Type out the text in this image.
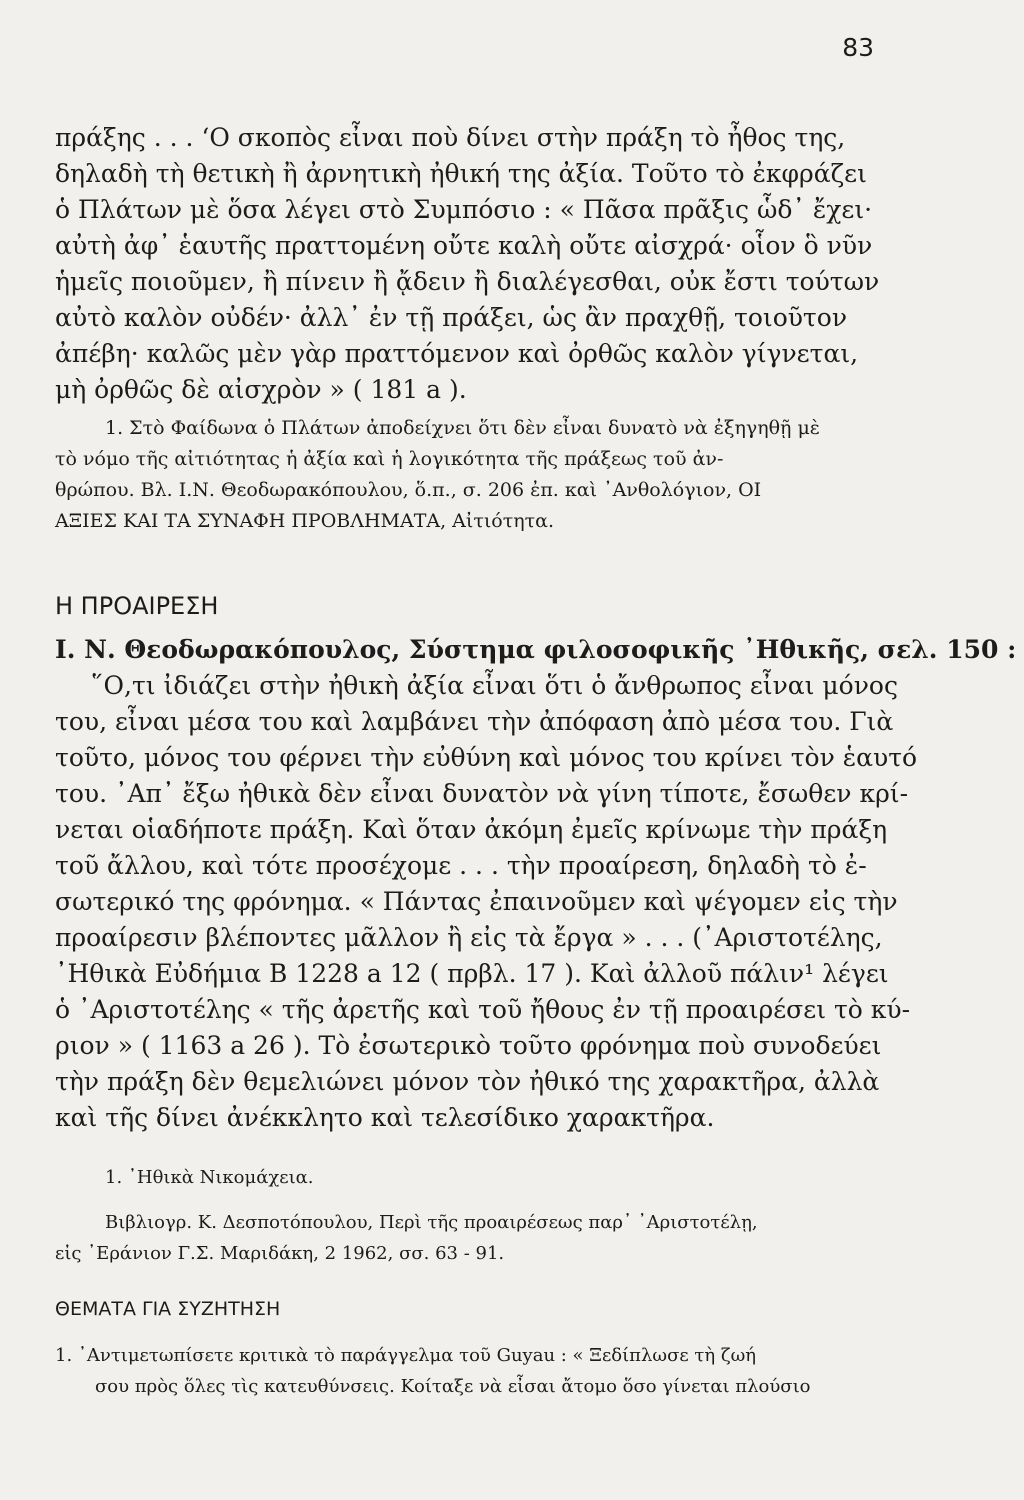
83
πράξης . . . ‘Ο σκοπὸς εἶναι ποὺ δίνει στὴν πράξη τὸ ἦθος της,
δηλαδὴ τὴ θετικὴ ἢ ἀρνητικὴ ἠθική της ἀξία. Τοῦτο τὸ ἐκφράζει
ὁ Πλάτων μὲ ὅσα λέγει στὸ Συμπόσιο : « Πᾶσα πρᾶξις ὧδ᾽ ἔχει·
αὐτὴ ἀφ᾽ ἑαυτῆς πραττομένη οὔτε καλὴ οὔτε αἰσχρά· οἷον ὃ νῦν
ἡμεῖς ποιοῦμεν, ἢ πίνειν ἢ ᾄδειν ἢ διαλέγεσθαι, οὐκ ἔστι τούτων
αὐτὸ καλὸν οὐδέν· ἀλλ᾽ ἐν τῇ πράξει, ὡς ἂν πραχθῇ, τοιοῦτον
ἀπέβη· καλῶς μὲν γὰρ πραττόμενον καὶ ὀρθῶς καλὸν γίγνεται,
μὴ ὀρθῶς δὲ αἰσχρὸν » ( 181 a ).
1. Στὸ Φαίδωνα ὁ Πλάτων ἀποδείχνει ὅτι δὲν εἶναι δυνατὸ νὰ ἐξηγηθῇ μὲ
τὸ νόμο τῆς αἰτιότητας ἡ ἀξία καὶ ἡ λογικότητα τῆς πράξεως τοῦ ἀν-
θρώπου. Βλ. Ι.Ν. Θεοδωρακόπουλου, ὅ.π., σ. 206 ἐπ. καὶ ᾽Ανθολόγιον, ΟΙ
ΑΞΙΕΣ ΚΑΙ ΤΑ ΣΥΝΑΦΗ ΠΡΟΒΛΗΜΑΤΑ, Αἰτιότητα.
Η ΠΡΟΑΙΡΕΣΗ
Ι. Ν. Θεοδωρακόπουλος, Σύστημα φιλοσοφικῆς ᾽Ηθικῆς, σελ. 150 :
῞Ο,τι ἰδιάζει στὴν ἠθικὴ ἀξία εἶναι ὅτι ὁ ἄνθρωπος εἶναι μόνος
του, εἶναι μέσα του καὶ λαμβάνει τὴν ἀπόφαση ἀπὸ μέσα του. Γιὰ
τοῦτο, μόνος του φέρνει τὴν εὐθύνη καὶ μόνος του κρίνει τὸν ἑαυτό
του. ᾽Απ᾽ ἔξω ἠθικὰ δὲν εἶναι δυνατὸν νὰ γίνη τίποτε, ἔσωθεν κρί-
νεται οἱαδήποτε πράξη. Καὶ ὅταν ἀκόμη ἐμεῖς κρίνωμε τὴν πράξη
τοῦ ἄλλου, καὶ τότε προσέχομε . . . τὴν προαίρεση, δηλαδὴ τὸ ἐ-
σωτερικό της φρόνημα. « Πάντας ἐπαινοῦμεν καὶ ψέγομεν εἰς τὴν
προαίρεσιν βλέποντες μᾶλλον ἢ εἰς τὰ ἔργα » . . . (᾽Αριστοτέλης,
᾽Ηθικὰ Εὐδήμια Β 1228 a 12 ( πρβλ. 17 ). Καὶ ἀλλοῦ πάλιν¹ λέγει
ὁ ᾽Αριστοτέλης « τῆς ἀρετῆς καὶ τοῦ ἤθους ἐν τῇ προαιρέσει τὸ κύ-
ριον » ( 1163 a 26 ). Τὸ ἐσωτερικὸ τοῦτο φρόνημα ποὺ συνοδεύει
τὴν πράξη δὲν θεμελιώνει μόνον τὸν ἠθικό της χαρακτῆρα, ἀλλὰ
καὶ τῆς δίνει ἀνέκκλητο καὶ τελεσίδικο χαρακτῆρα.
1. ᾽Ηθικὰ Νικομάχεια.
Βιβλιογρ. Κ. Δεσποτόπουλου, Περὶ τῆς προαιρέσεως παρ᾽ ᾽Αριστοτέλῃ,
εἰς ᾽Εράνιον Γ.Σ. Μαριδάκη, 2 1962, σσ. 63 - 91.
ΘΕΜΑΤΑ ΓΙΑ ΣΥΖΗΤΗΣΗ
1. ᾽Αντιμετωπίσετε κριτικὰ τὸ παράγγελμα τοῦ Guyau : « Ξεδίπλωσε τὴ ζωή
σου πρὸς ὅλες τὶς κατευθύνσεις. Κοίταξε νὰ εἶσαι ἄτομο ὅσο γίνεται πλούσιο
